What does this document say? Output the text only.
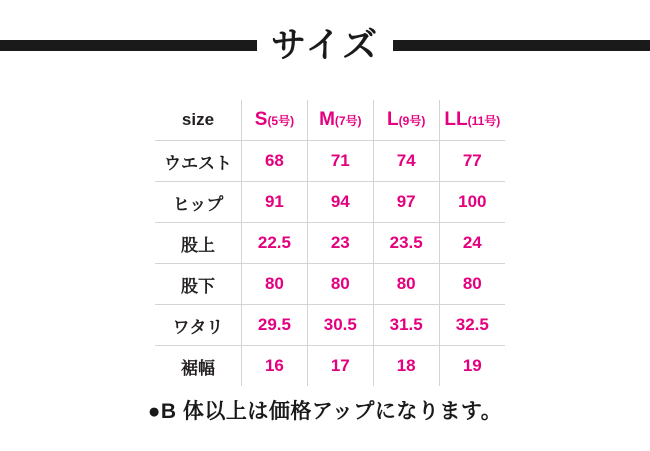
サイズ
size	S(5号)	M(7号)	L(9号)	LL(11号)
ウエスト	68	71	74	77
ヒップ	91	94	97	100
股上	22.5	23	23.5	24
股下	80	80	80	80
ワタリ	29.5	30.5	31.5	32.5
裾幅	16	17	18	19
●B 体以上は価格アップになります。
